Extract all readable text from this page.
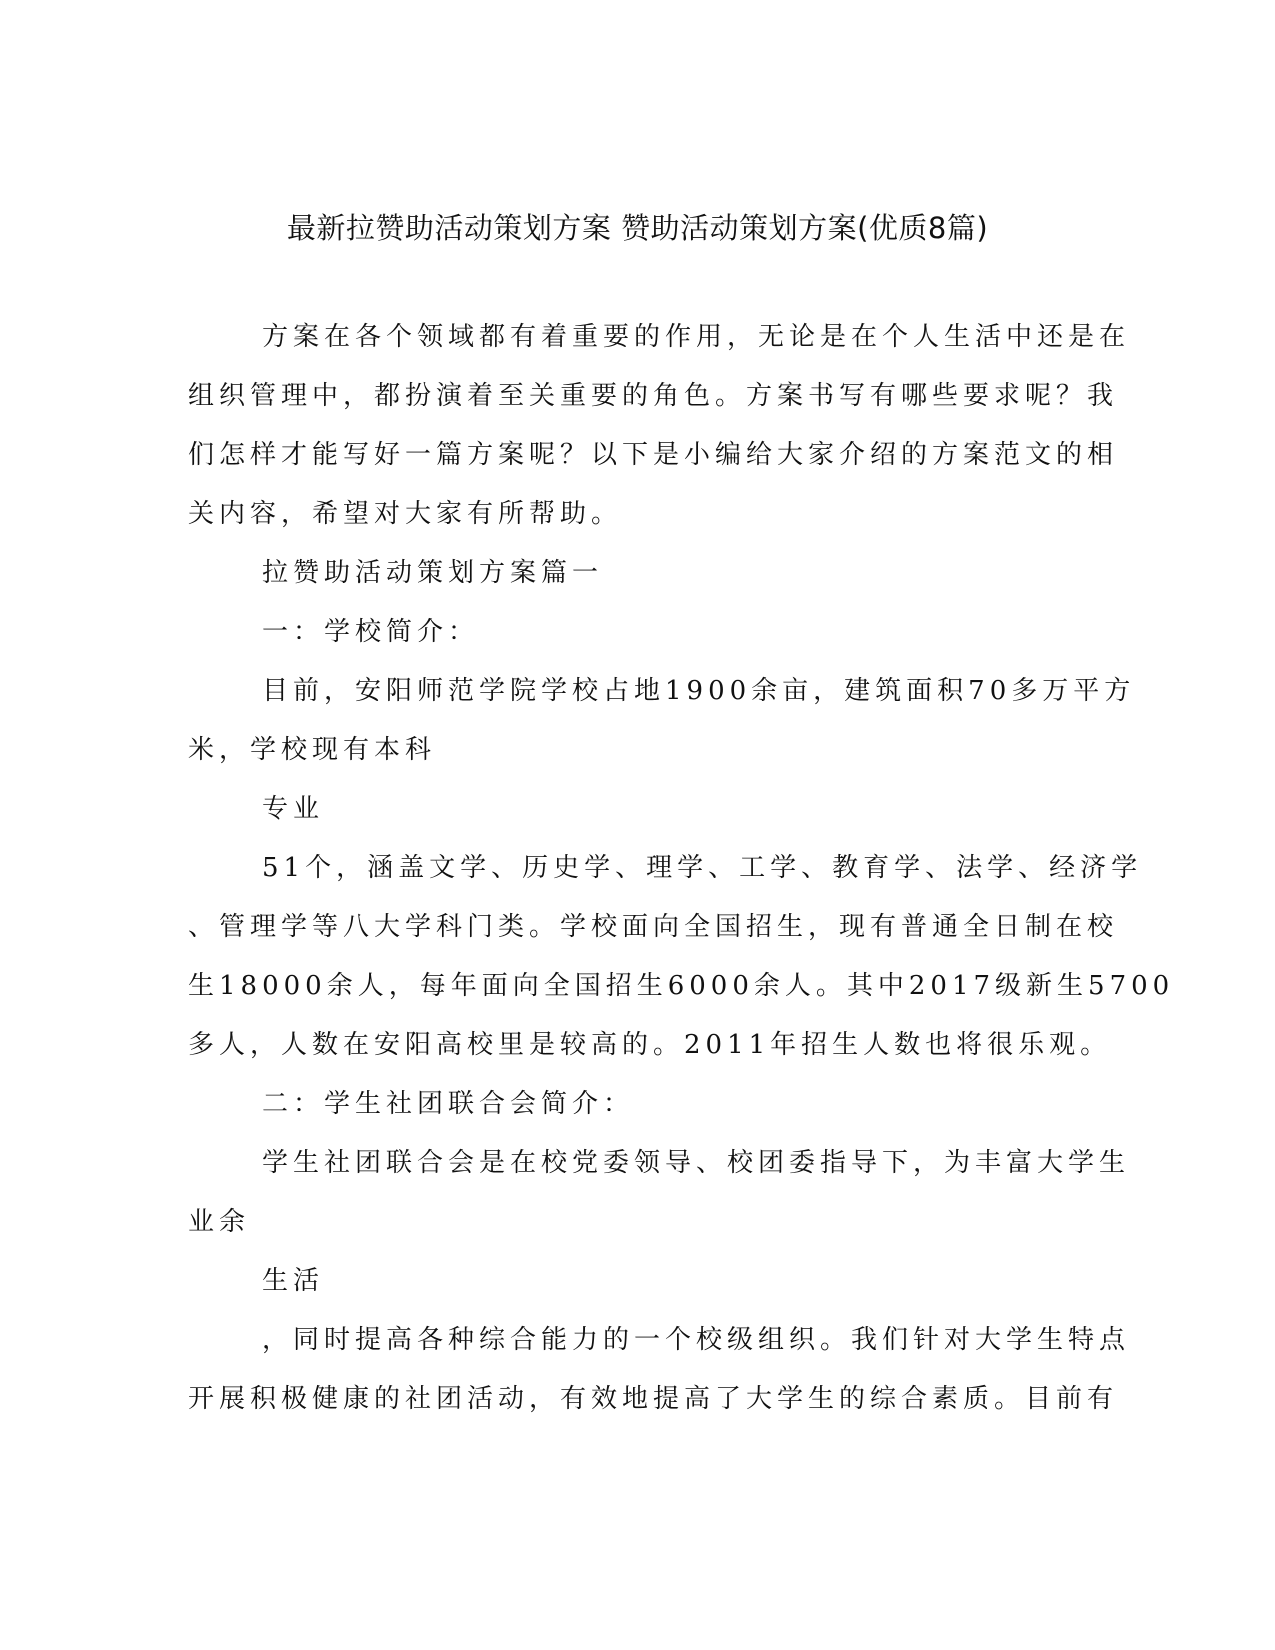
最新拉赞助活动策划方案 赞助活动策划方案(优质8篇)
方案在各个领域都有着重要的作用，无论是在个人生活中还是在
组织管理中，都扮演着至关重要的角色。方案书写有哪些要求呢？我
们怎样才能写好一篇方案呢？以下是小编给大家介绍的方案范文的相
关内容，希望对大家有所帮助。
拉赞助活动策划方案篇一
一：学校简介：
目前，安阳师范学院学校占地1900余亩，建筑面积70多万平方
米，学校现有本科
专业
51个，涵盖文学、历史学、理学、工学、教育学、法学、经济学
、管理学等八大学科门类。学校面向全国招生，现有普通全日制在校
生18000余人，每年面向全国招生6000余人。其中2017级新生5700
多人，人数在安阳高校里是较高的。2011年招生人数也将很乐观。
二：学生社团联合会简介：
学生社团联合会是在校党委领导、校团委指导下，为丰富大学生
业余
生活
，同时提高各种综合能力的一个校级组织。我们针对大学生特点
开展积极健康的社团活动，有效地提高了大学生的综合素质。目前有
